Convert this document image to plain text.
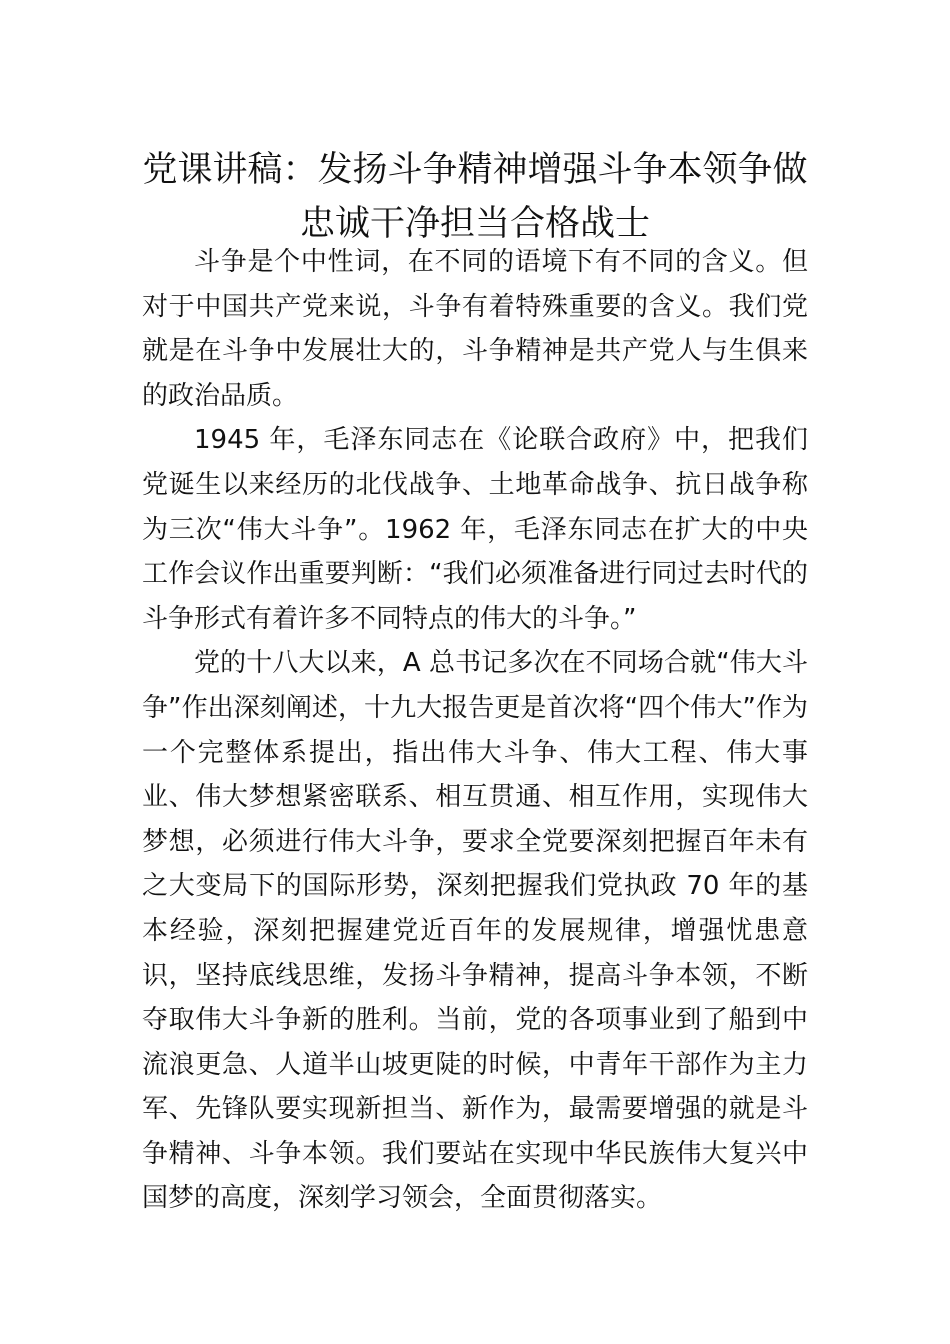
党课讲稿：发扬斗争精神增强斗争本领争做忠诚干净担当合格战士

斗争是个中性词，在不同的语境下有不同的含义。但对于中国共产党来说，斗争有着特殊重要的含义。我们党就是在斗争中发展壮大的，斗争精神是共产党人与生俱来的政治品质。

1945 年，毛泽东同志在《论联合政府》中，把我们党诞生以来经历的北伐战争、土地革命战争、抗日战争称为三次“伟大斗争”。1962 年，毛泽东同志在扩大的中央工作会议作出重要判断：“我们必须准备进行同过去时代的斗争形式有着许多不同特点的伟大的斗争。”

党的十八大以来，A 总书记多次在不同场合就“伟大斗争”作出深刻阐述，十九大报告更是首次将“四个伟大”作为一个完整体系提出，指出伟大斗争、伟大工程、伟大事业、伟大梦想紧密联系、相互贯通、相互作用，实现伟大梦想，必须进行伟大斗争，要求全党要深刻把握百年未有之大变局下的国际形势，深刻把握我们党执政 70 年的基本经验，深刻把握建党近百年的发展规律，增强忧患意识，坚持底线思维，发扬斗争精神，提高斗争本领，不断夺取伟大斗争新的胜利。当前，党的各项事业到了船到中流浪更急、人道半山坡更陡的时候，中青年干部作为主力军、先锋队要实现新担当、新作为，最需要增强的就是斗争精神、斗争本领。我们要站在实现中华民族伟大复兴中国梦的高度，深刻学习领会，全面贯彻落实。
